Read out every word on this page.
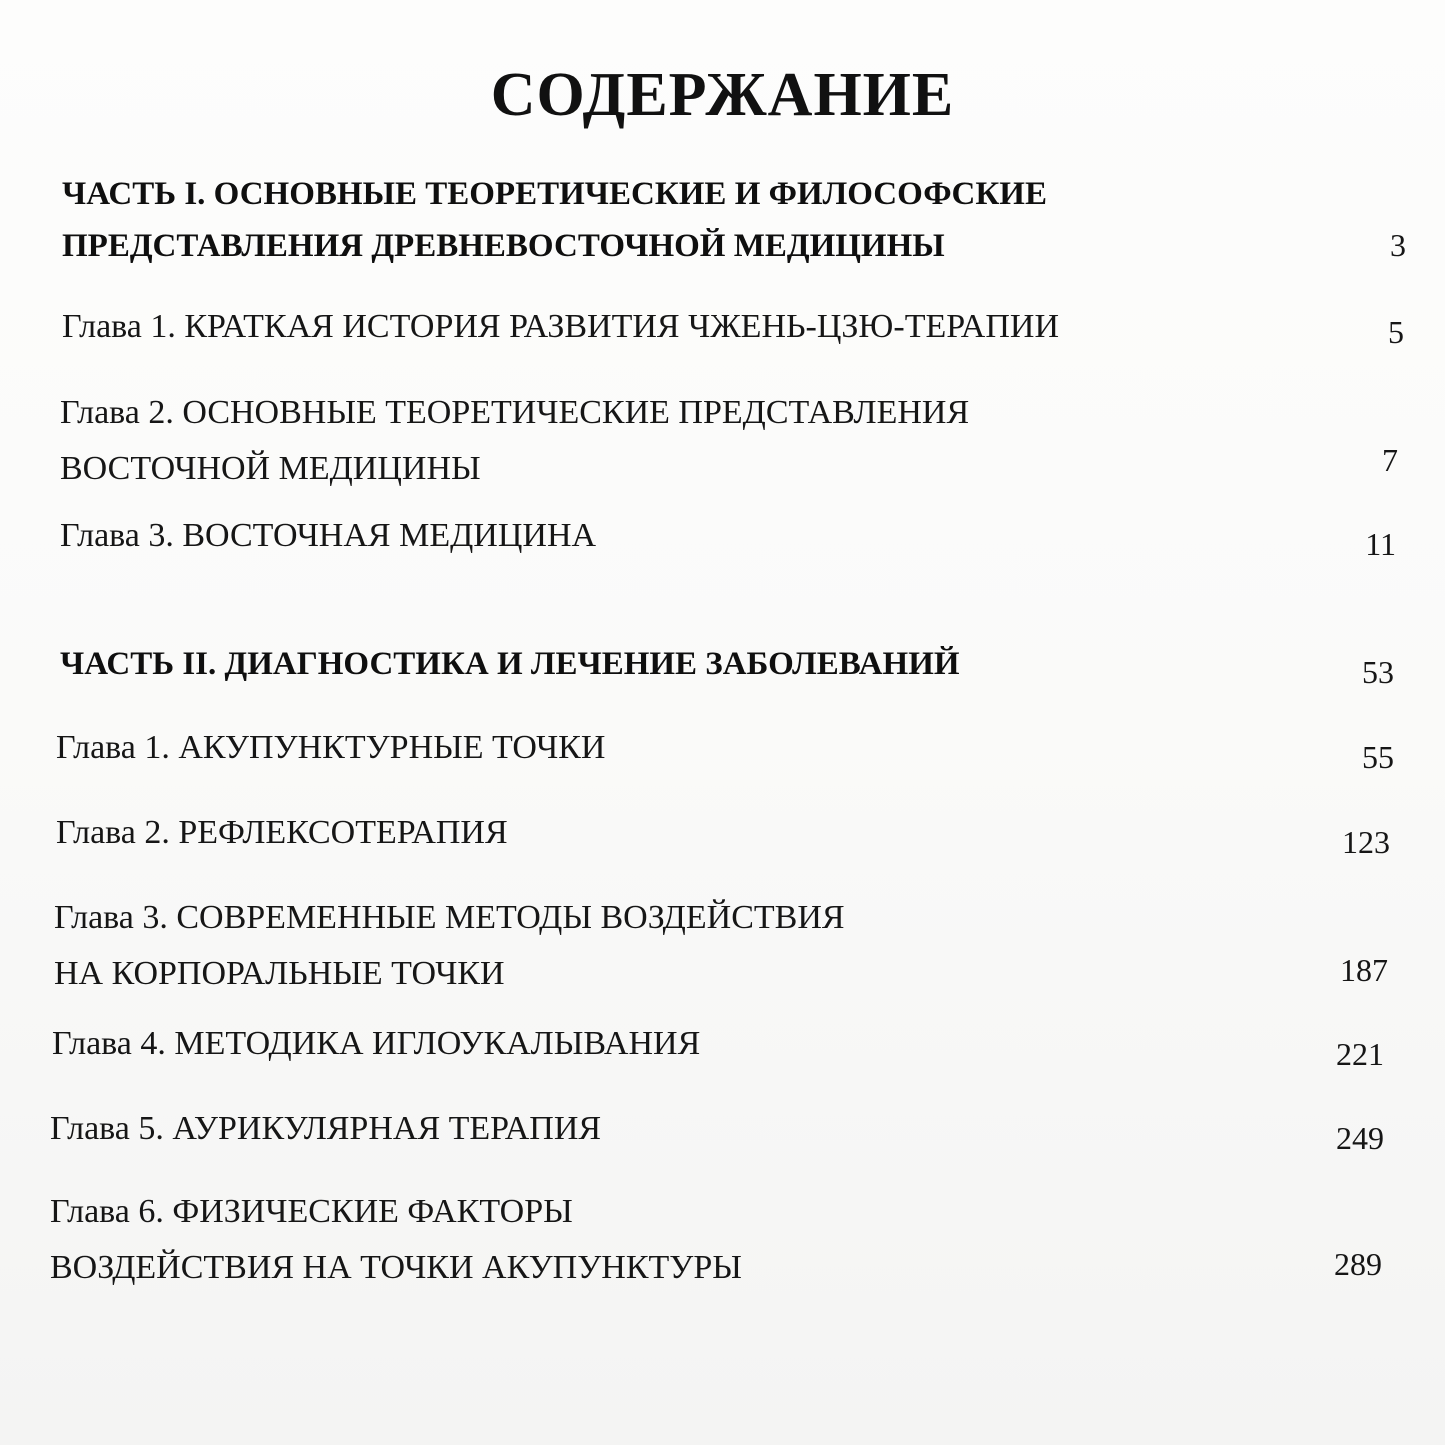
СОДЕРЖАНИЕ
ЧАСТЬ I. ОСНОВНЫЕ ТЕОРЕТИЧЕСКИЕ И ФИЛОСОФСКИЕ
ПРЕДСТАВЛЕНИЯ ДРЕВНЕВОСТОЧНОЙ МЕДИЦИНЫ	3
Глава 1. КРАТКАЯ ИСТОРИЯ РАЗВИТИЯ ЧЖЕНЬ-ЦЗЮ-ТЕРАПИИ	5
Глава 2. ОСНОВНЫЕ ТЕОРЕТИЧЕСКИЕ ПРЕДСТАВЛЕНИЯ
ВОСТОЧНОЙ МЕДИЦИНЫ	7
Глава 3. ВОСТОЧНАЯ МЕДИЦИНА	11
ЧАСТЬ II. ДИАГНОСТИКА И ЛЕЧЕНИЕ ЗАБОЛЕВАНИЙ	53
Глава 1. АКУПУНКТУРНЫЕ ТОЧКИ	55
Глава 2. РЕФЛЕКСОТЕРАПИЯ	123
Глава 3. СОВРЕМЕННЫЕ МЕТОДЫ ВОЗДЕЙСТВИЯ
НА КОРПОРАЛЬНЫЕ ТОЧКИ	187
Глава 4. МЕТОДИКА ИГЛОУКАЛЫВАНИЯ	221
Глава 5. АУРИКУЛЯРНАЯ ТЕРАПИЯ	249
Глава 6. ФИЗИЧЕСКИЕ ФАКТОРЫ
ВОЗДЕЙСТВИЯ НА ТОЧКИ АКУПУНКТУРЫ	289
